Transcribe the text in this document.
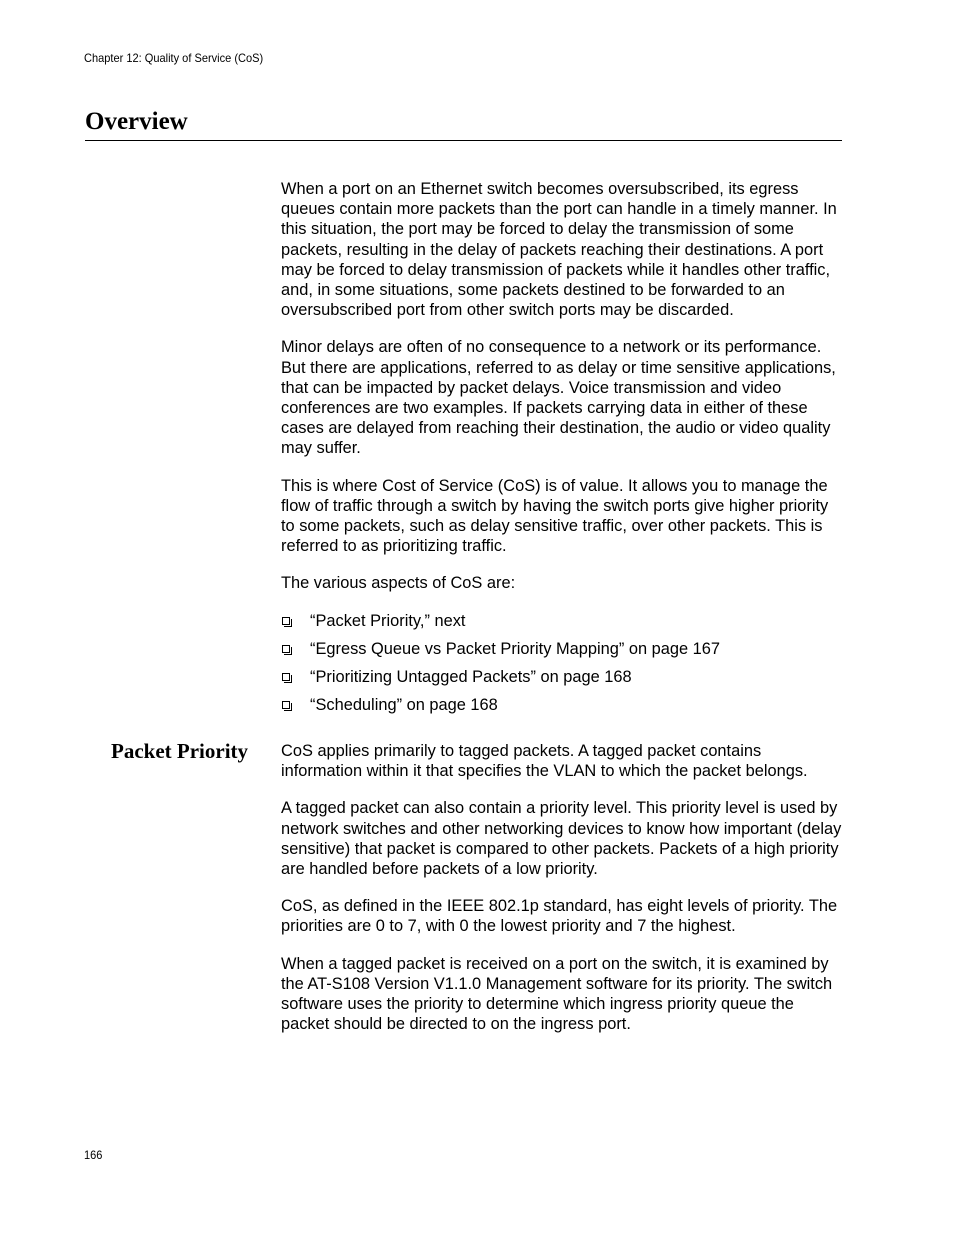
Chapter 12: Quality of Service (CoS)
Overview

When a port on an Ethernet switch becomes oversubscribed, its egress queues contain more packets than the port can handle in a timely manner. In this situation, the port may be forced to delay the transmission of some packets, resulting in the delay of packets reaching their destinations. A port may be forced to delay transmission of packets while it handles other traffic, and, in some situations, some packets destined to be forwarded to an oversubscribed port from other switch ports may be discarded.

Minor delays are often of no consequence to a network or its performance. But there are applications, referred to as delay or time sensitive applications, that can be impacted by packet delays. Voice transmission and video conferences are two examples. If packets carrying data in either of these cases are delayed from reaching their destination, the audio or video quality may suffer.

This is where Cost of Service (CoS) is of value. It allows you to manage the flow of traffic through a switch by having the switch ports give higher priority to some packets, such as delay sensitive traffic, over other packets. This is referred to as prioritizing traffic.

The various aspects of CoS are:

“Packet Priority,” next
“Egress Queue vs Packet Priority Mapping” on page 167
“Prioritizing Untagged Packets” on page 168
“Scheduling” on page 168
Packet Priority CoS applies primarily to tagged packets. A tagged packet contains information within it that specifies the VLAN to which the packet belongs.

A tagged packet can also contain a priority level. This priority level is used by network switches and other networking devices to know how important (delay sensitive) that packet is compared to other packets. Packets of a high priority are handled before packets of a low priority.

CoS, as defined in the IEEE 802.1p standard, has eight levels of priority. The priorities are 0 to 7, with 0 the lowest priority and 7 the highest.

When a tagged packet is received on a port on the switch, it is examined by the AT-S108 Version V1.1.0 Management software for its priority. The switch software uses the priority to determine which ingress priority queue the packet should be directed to on the ingress port.

166
